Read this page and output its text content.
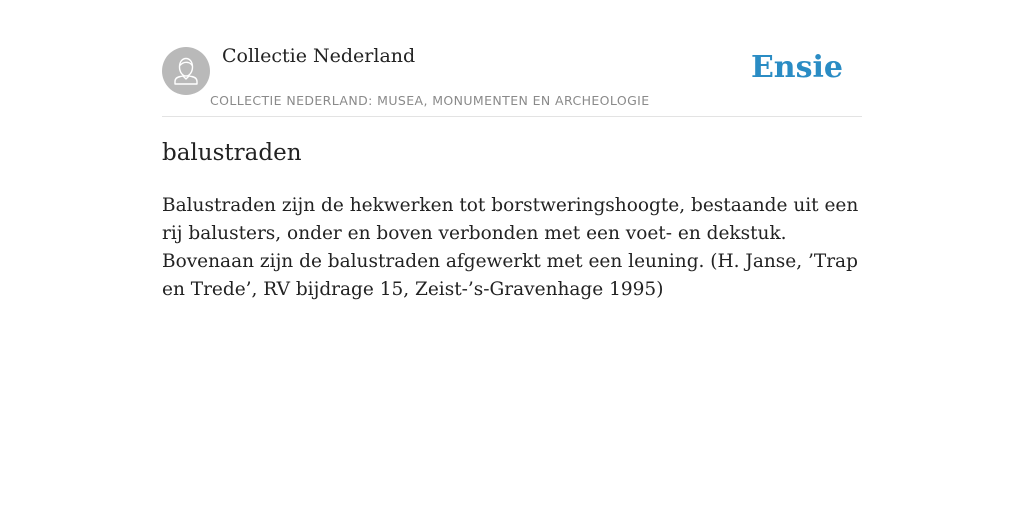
Collectie Nederland
COLLECTIE NEDERLAND: MUSEA, MONUMENTEN EN ARCHEOLOGIE
Ensie
balustraden

Balustraden zijn de hekwerken tot borstweringshoogte, bestaande uit een rij balusters, onder en boven verbonden met een voet- en dekstuk. Bovenaan zijn de balustraden afgewerkt met een leuning. (H. Janse, ’Trap en Trede’, RV bijdrage 15, Zeist-’s-Gravenhage 1995)
